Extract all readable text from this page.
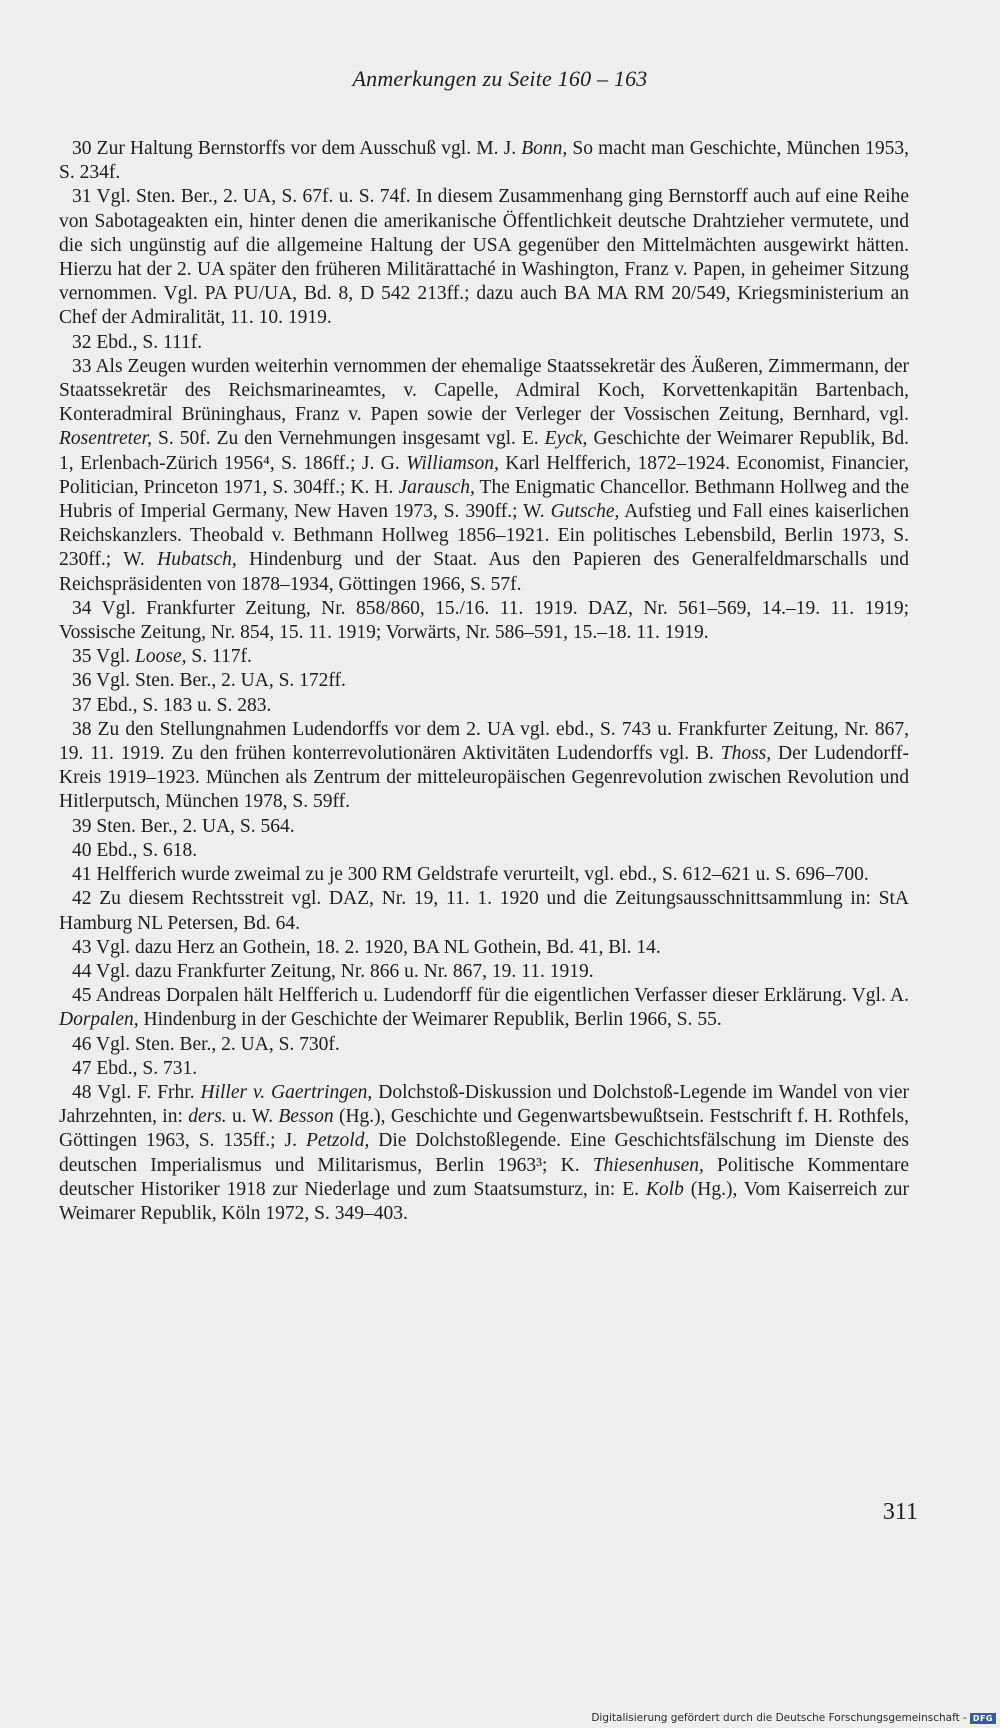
Anmerkungen zu Seite 160 – 163

30 Zur Haltung Bernstorffs vor dem Ausschuß vgl. M. J. Bonn, So macht man Geschichte, München 1953, S. 234f.

31 Vgl. Sten. Ber., 2. UA, S. 67f. u. S. 74f. In diesem Zusammenhang ging Bernstorff auch auf eine Reihe von Sabotageakten ein, hinter denen die amerikanische Öffentlichkeit deutsche Drahtzieher vermutete, und die sich ungünstig auf die allgemeine Haltung der USA gegenüber den Mittelmächten ausgewirkt hätten. Hierzu hat der 2. UA später den früheren Militärattaché in Washington, Franz v. Papen, in geheimer Sitzung vernommen. Vgl. PA PU/UA, Bd. 8, D 542 213ff.; dazu auch BA MA RM 20/549, Kriegsministerium an Chef der Admiralität, 11. 10. 1919.

32 Ebd., S. 111f.

33 Als Zeugen wurden weiterhin vernommen der ehemalige Staatssekretär des Äußeren, Zimmermann, der Staatssekretär des Reichsmarineamtes, v. Capelle, Admiral Koch, Korvettenkapitän Bartenbach, Konteradmiral Brüninghaus, Franz v. Papen sowie der Verleger der Vossischen Zeitung, Bernhard, vgl. Rosentreter, S. 50f. Zu den Vernehmungen insgesamt vgl. E. Eyck, Geschichte der Weimarer Republik, Bd. 1, Erlenbach-Zürich 1956⁴, S. 186ff.; J. G. Williamson, Karl Helfferich, 1872–1924. Economist, Financier, Politician, Princeton 1971, S. 304ff.; K. H. Jarausch, The Enigmatic Chancellor. Bethmann Hollweg and the Hubris of Imperial Germany, New Haven 1973, S. 390ff.; W. Gutsche, Aufstieg und Fall eines kaiserlichen Reichskanzlers. Theobald v. Bethmann Hollweg 1856–1921. Ein politisches Lebensbild, Berlin 1973, S. 230ff.; W. Hubatsch, Hindenburg und der Staat. Aus den Papieren des Generalfeldmarschalls und Reichspräsidenten von 1878–1934, Göttingen 1966, S. 57f.

34 Vgl. Frankfurter Zeitung, Nr. 858/860, 15./16. 11. 1919. DAZ, Nr. 561–569, 14.–19. 11. 1919; Vossische Zeitung, Nr. 854, 15. 11. 1919; Vorwärts, Nr. 586–591, 15.–18. 11. 1919.

35 Vgl. Loose, S. 117f.

36 Vgl. Sten. Ber., 2. UA, S. 172ff.

37 Ebd., S. 183 u. S. 283.

38 Zu den Stellungnahmen Ludendorffs vor dem 2. UA vgl. ebd., S. 743 u. Frankfurter Zeitung, Nr. 867, 19. 11. 1919. Zu den frühen konterrevolutionären Aktivitäten Ludendorffs vgl. B. Thoss, Der Ludendorff-Kreis 1919–1923. München als Zentrum der mitteleuropäischen Gegenrevolution zwischen Revolution und Hitlerputsch, München 1978, S. 59ff.

39 Sten. Ber., 2. UA, S. 564.

40 Ebd., S. 618.

41 Helfferich wurde zweimal zu je 300 RM Geldstrafe verurteilt, vgl. ebd., S. 612–621 u. S. 696–700.

42 Zu diesem Rechtsstreit vgl. DAZ, Nr. 19, 11. 1. 1920 und die Zeitungsausschnittsammlung in: StA Hamburg NL Petersen, Bd. 64.

43 Vgl. dazu Herz an Gothein, 18. 2. 1920, BA NL Gothein, Bd. 41, Bl. 14.

44 Vgl. dazu Frankfurter Zeitung, Nr. 866 u. Nr. 867, 19. 11. 1919.

45 Andreas Dorpalen hält Helfferich u. Ludendorff für die eigentlichen Verfasser dieser Erklärung. Vgl. A. Dorpalen, Hindenburg in der Geschichte der Weimarer Republik, Berlin 1966, S. 55.

46 Vgl. Sten. Ber., 2. UA, S. 730f.

47 Ebd., S. 731.

48 Vgl. F. Frhr. Hiller v. Gaertringen, Dolchstoß-Diskussion und Dolchstoß-Legende im Wandel von vier Jahrzehnten, in: ders. u. W. Besson (Hg.), Geschichte und Gegenwartsbewußtsein. Festschrift f. H. Rothfels, Göttingen 1963, S. 135ff.; J. Petzold, Die Dolchstoßlegende. Eine Geschichtsfälschung im Dienste des deutschen Imperialismus und Militarismus, Berlin 1963³; K. Thiesenhusen, Politische Kommentare deutscher Historiker 1918 zur Niederlage und zum Staatsumsturz, in: E. Kolb (Hg.), Vom Kaiserreich zur Weimarer Republik, Köln 1972, S. 349–403.

311
Digitalisierung gefördert durch die Deutsche Forschungsgemeinschaft - DFG
